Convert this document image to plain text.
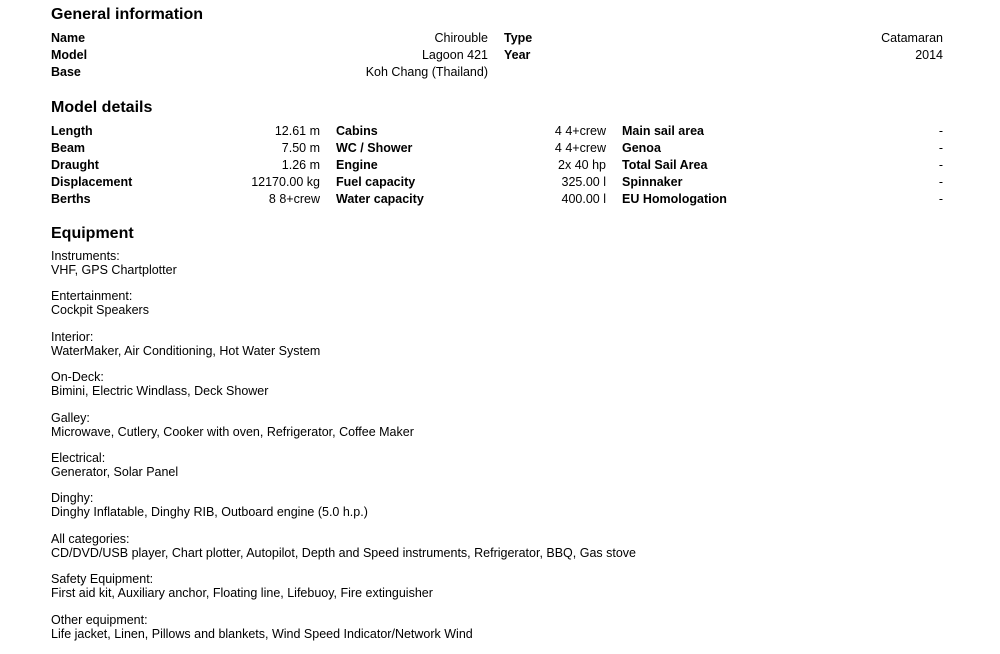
General information
Name	Chirouble Type	Catamaran
Model	Lagoon 421 Year	2014
Base	Koh Chang (Thailand)
Model details
Length	12.61 m Cabins	4 4+crew Main sail area	-
Beam	7.50 m WC / Shower	4 4+crew Genoa	-
Draught	1.26 m Engine	2x 40 hp Total Sail Area	-
Displacement	12170.00 kg Fuel capacity	325.00 l Spinnaker	-
Berths	8 8+crew Water capacity	400.00 l EU Homologation	-
Equipment
Instruments:
VHF, GPS Chartplotter
Entertainment:
Cockpit Speakers
Interior:
WaterMaker, Air Conditioning, Hot Water System
On-Deck:
Bimini, Electric Windlass, Deck Shower
Galley:
Microwave, Cutlery, Cooker with oven, Refrigerator, Coffee Maker
Electrical:
Generator, Solar Panel
Dinghy:
Dinghy Inflatable, Dinghy RIB, Outboard engine (5.0 h.p.)
All categories:
CD/DVD/USB player, Chart plotter, Autopilot, Depth and Speed instruments, Refrigerator, BBQ, Gas stove
Safety Equipment:
First aid kit, Auxiliary anchor, Floating line, Lifebuoy, Fire extinguisher
Other equipment:
Life jacket, Linen, Pillows and blankets, Wind Speed Indicator/Network Wind
